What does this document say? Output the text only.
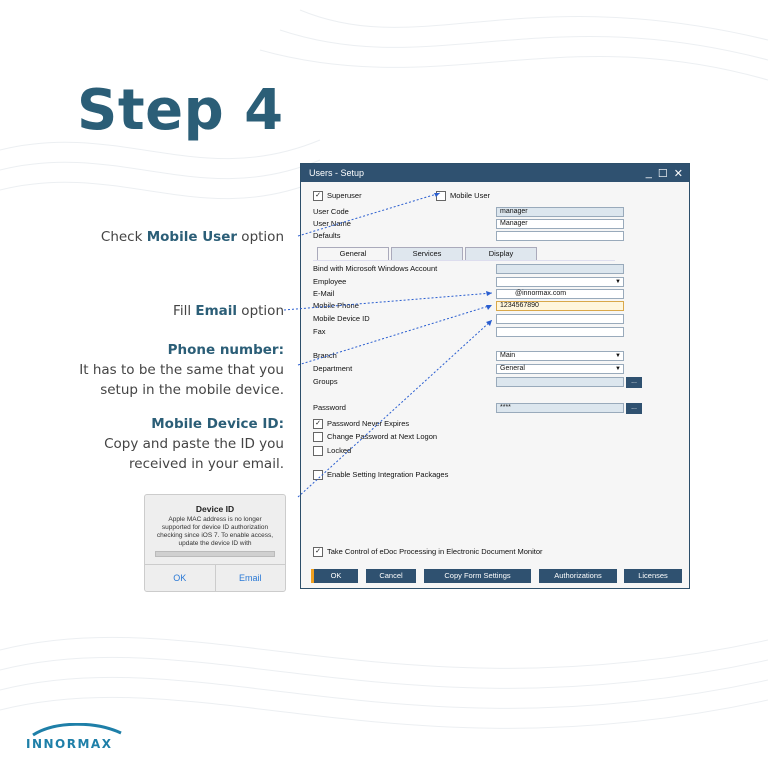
Step 4
Check Mobile User option
Fill Email option
Phone number:
It has to be the same that you
setup in the mobile device.
Mobile Device ID:
Copy and paste the ID you
received in your email.
Users - Setup	_ ☐ ✕
✓ Superuser	Mobile User
User Code	manager
User Name	Manager
Defaults
General	Services	Display
Bind with Microsoft Windows Account
Employee
▼
E-Mail	@innormax.com
Mobile Phone	1234567890
Mobile Device ID
Fax
Branch	Main ▼
Department	General ▼
Groups	...
Password	****	...
✓ Password Never Expires
Change Password at Next Logon
Locked
Enable Setting Integration Packages
✓ Take Control of eDoc Processing in Electronic Document Monitor
OK	Cancel	Copy Form Settings	Authorizations	Licenses
Device ID
Apple MAC address is no longer supported for device ID authorization checking since iOS 7. To enable access, update the device ID with
OK	Email
INNORMAX
